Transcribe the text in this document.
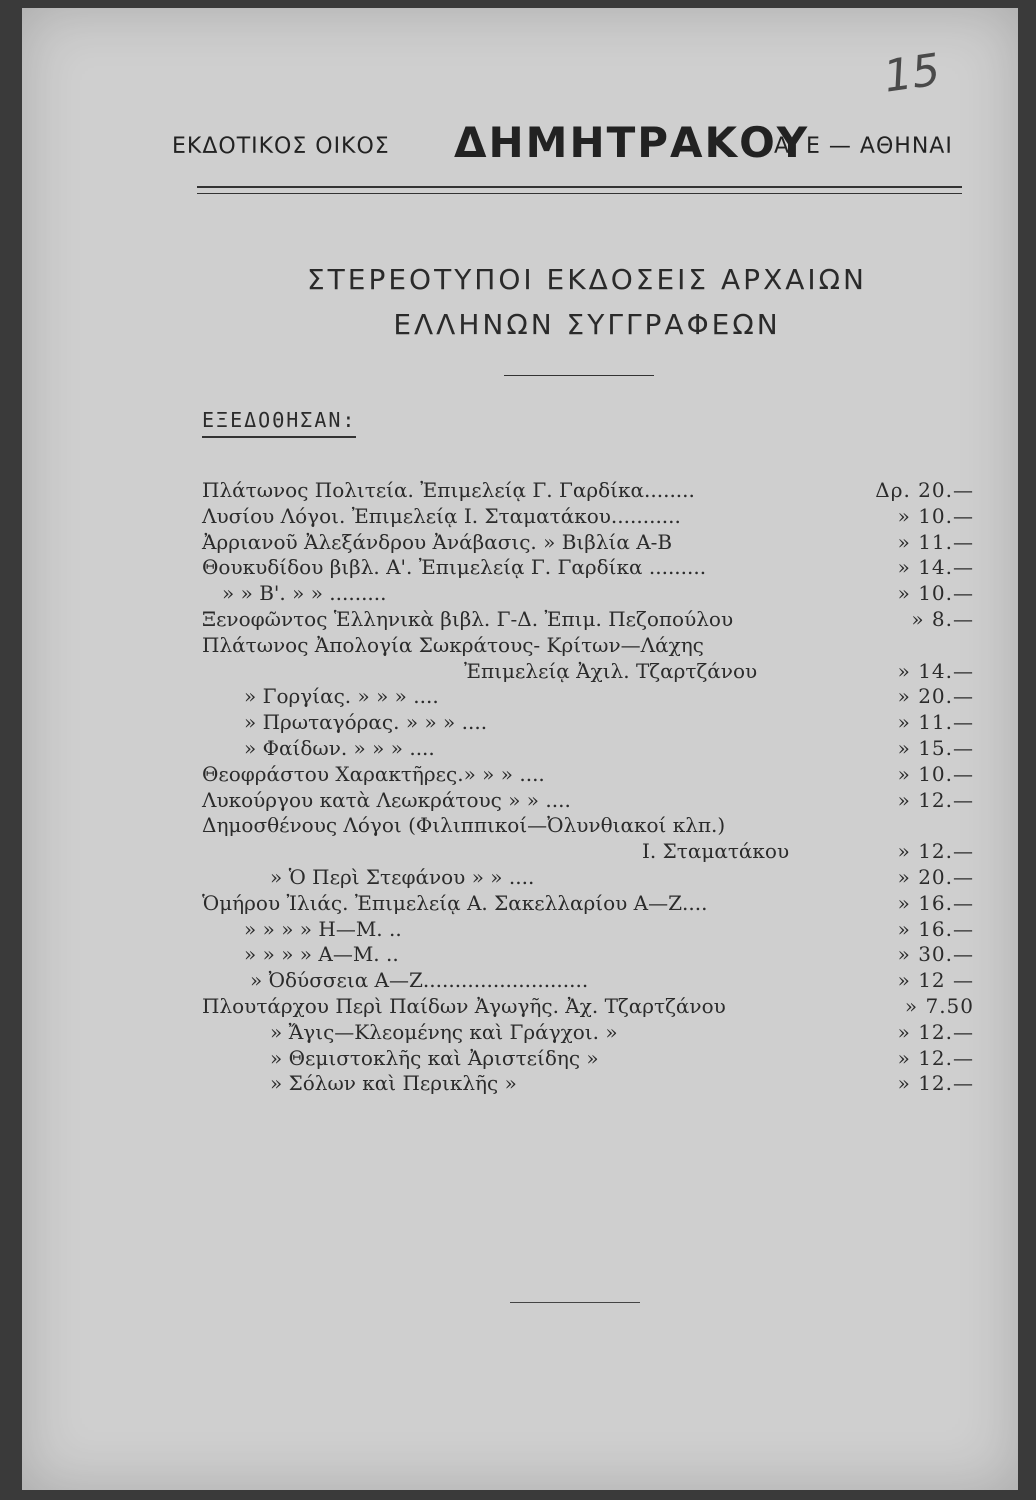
15
ΕΚΔΟΤΙΚΟΣ ΟΙΚΟΣ ΔΗΜΗΤΡΑΚΟΥ
Α. Ε — ΑΘΗΝΑΙ
ΣΤΕΡΕΟΤΥΠΟΙ ΕΚΔΟΣΕΙΣ ΑΡΧΑΙΩΝ
ΕΛΛΗΝΩΝ ΣΥΓΓΡΑΦΕΩΝ
ΕΞΕΔΟΘΗΣΑΝ:
Πλάτωνος Πολιτεία. Ἐπιμελείᾳ Γ. Γαρδίκα........	Δρ. 20.—
Λυσίου Λόγοι. Ἐπιμελείᾳ Ι. Σταματάκου...........	» 10.—
Ἀρριανοῦ Ἀλεξάνδρου Ἀνάβασις. » Βιβλία Α-Β	» 11.—
Θουκυδίδου βιβλ. Α'. Ἐπιμελείᾳ Γ. Γαρδίκα .........	» 14.—
» » Β'. » » .........	» 10.—
Ξενοφῶντος Ἑλληνικὰ βιβλ. Γ-Δ. Ἐπιμ. Πεζοπούλου	» 8.—
Πλάτωνος Ἀπολογία Σωκράτους- Κρίτων—Λάχης
Ἐπιμελείᾳ Ἀχιλ. Τζαρτζάνου	» 14.—
» Γοργίας. » » » ....	» 20.—
» Πρωταγόρας. » » » ....	» 11.—
» Φαίδων. » » » ....	» 15.—
Θεοφράστου Χαρακτῆρες.» » » ....	» 10.—
Λυκούργου κατὰ Λεωκράτους » » ....	» 12.—
Δημοσθένους Λόγοι (Φιλιππικοί—Ὀλυνθιακοί κλπ.)
Ι. Σταματάκου	» 12.—
» Ὁ Περὶ Στεφάνου » » ....	» 20.—
Ὁμήρου Ἰλιάς. Ἐπιμελείᾳ Α. Σακελλαρίου Α—Ζ....	» 16.—
» » » » Η—Μ. ..	» 16.—
» » » » Α—Μ. ..	» 30.—
» Ὀδύσσεια Α—Ζ..........................	» 12 —
Πλουτάρχου Περὶ Παίδων Ἀγωγῆς. Ἀχ. Τζαρτζάνου	» 7.50
» Ἄγις—Κλεομένης καὶ Γράγχοι. »	» 12.—
» Θεμιστοκλῆς καὶ Ἀριστείδης »	» 12.—
» Σόλων καὶ Περικλῆς »	» 12.—
